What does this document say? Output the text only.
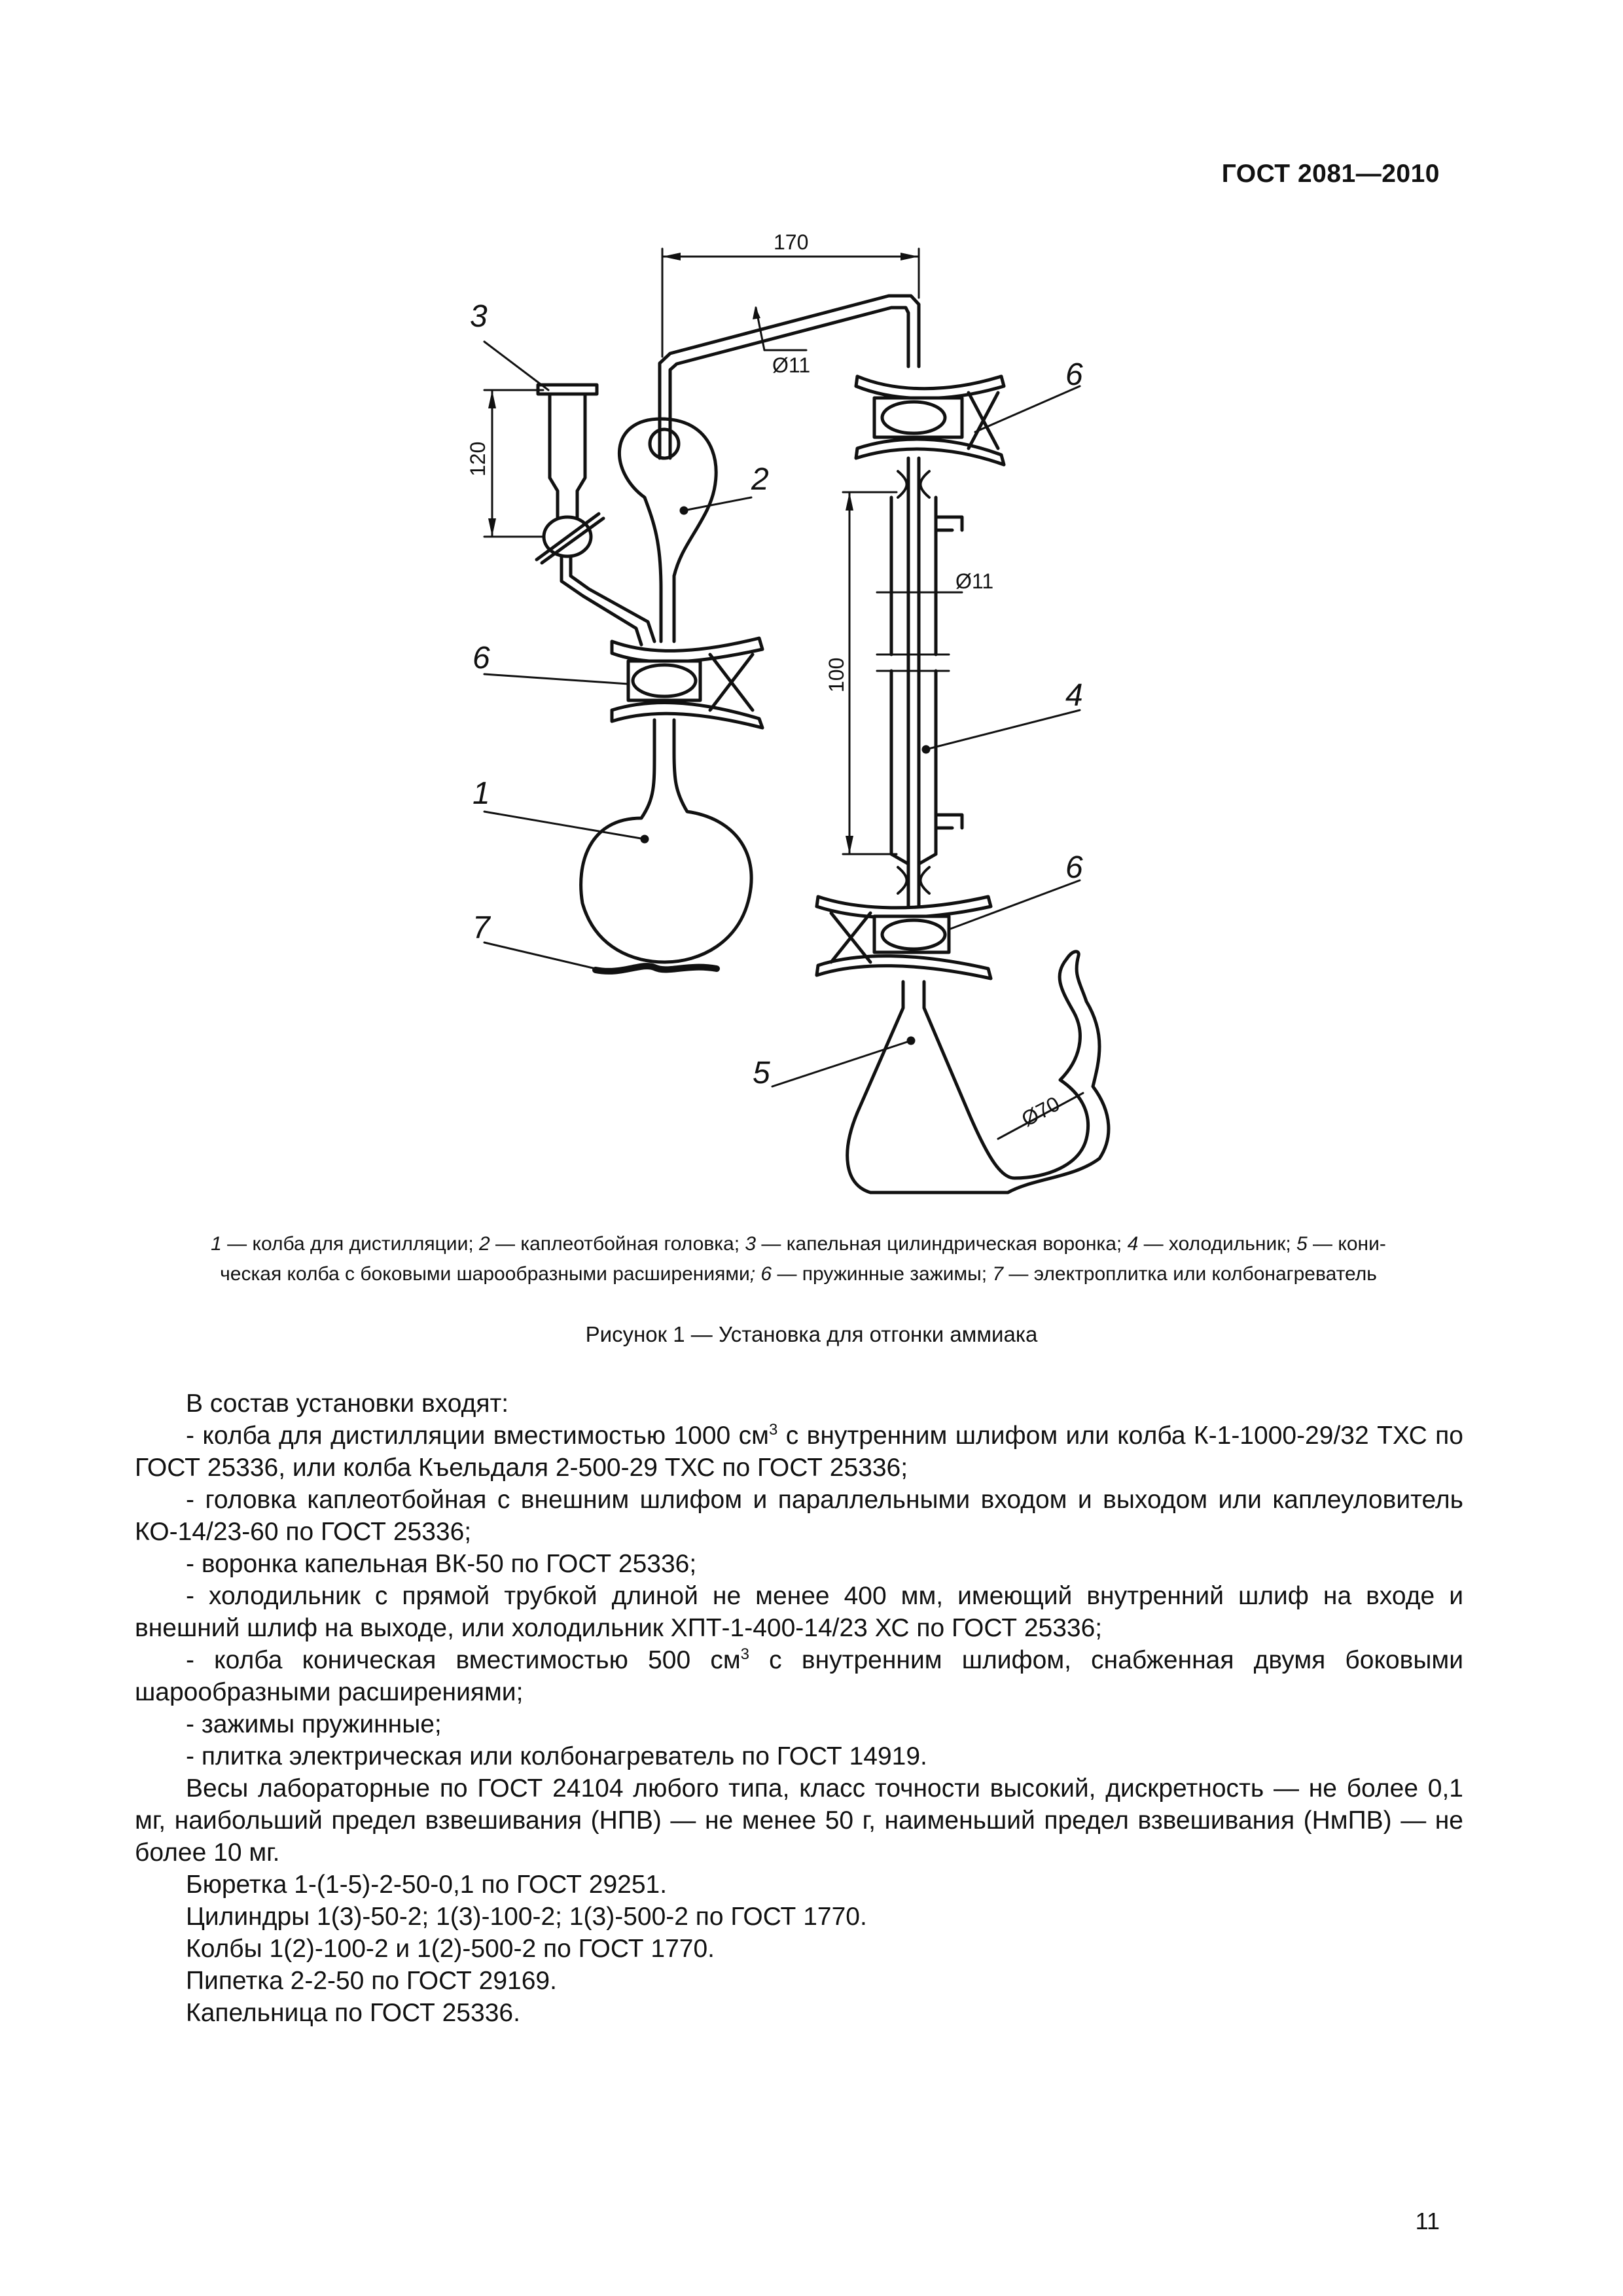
ГОСТ 2081—2010
170
Ø11
120
Ø11
100
Ø70
3
2
6
6
4
6
1
7
5
1 — колба для дистилляции; 2 — каплеотбойная головка; 3 — капельная цилиндрическая воронка; 4 — холодильник; 5 — кони-
ческая колба с боковыми шарообразными расширениями; 6 — пружинные зажимы; 7 — электроплитка или колбонагреватель
Рисунок 1 — Установка для отгонки аммиака

В состав установки входят:

- колба для дистилляции вместимостью 1000 $см^3$ с внутренним шлифом или колба К-1-1000-29/32 ТХС по ГОСТ 25336, или колба Къельдаля 2-500-29 ТХС по ГОСТ 25336;

- головка каплеотбойная с внешним шлифом и параллельными входом и выходом или каплеуловитель КО-14/23-60 по ГОСТ 25336;

- воронка капельная ВК-50 по ГОСТ 25336;

- холодильник с прямой трубкой длиной не менее 400 мм, имеющий внутренний шлиф на входе и внешний шлиф на выходе, или холодильник ХПТ-1-400-14/23 ХС по ГОСТ 25336;

- колба коническая вместимостью 500 $см^3$ с внутренним шлифом, снабженная двумя боковыми шарообразными расширениями;

- зажимы пружинные;

- плитка электрическая или колбонагреватель по ГОСТ 14919.

Весы лабораторные по ГОСТ 24104 любого типа, класс точности высокий, дискретность — не более 0,1 мг, наибольший предел взвешивания (НПВ) — не менее 50 г, наименьший предел взвешивания (НмПВ) — не более 10 мг.

Бюретка 1-(1-5)-2-50-0,1 по ГОСТ 29251.

Цилиндры 1(3)-50-2; 1(3)-100-2; 1(3)-500-2 по ГОСТ 1770.

Колбы 1(2)-100-2 и 1(2)-500-2 по ГОСТ 1770.

Пипетка 2-2-50 по ГОСТ 29169.

Капельница по ГОСТ 25336.

11
